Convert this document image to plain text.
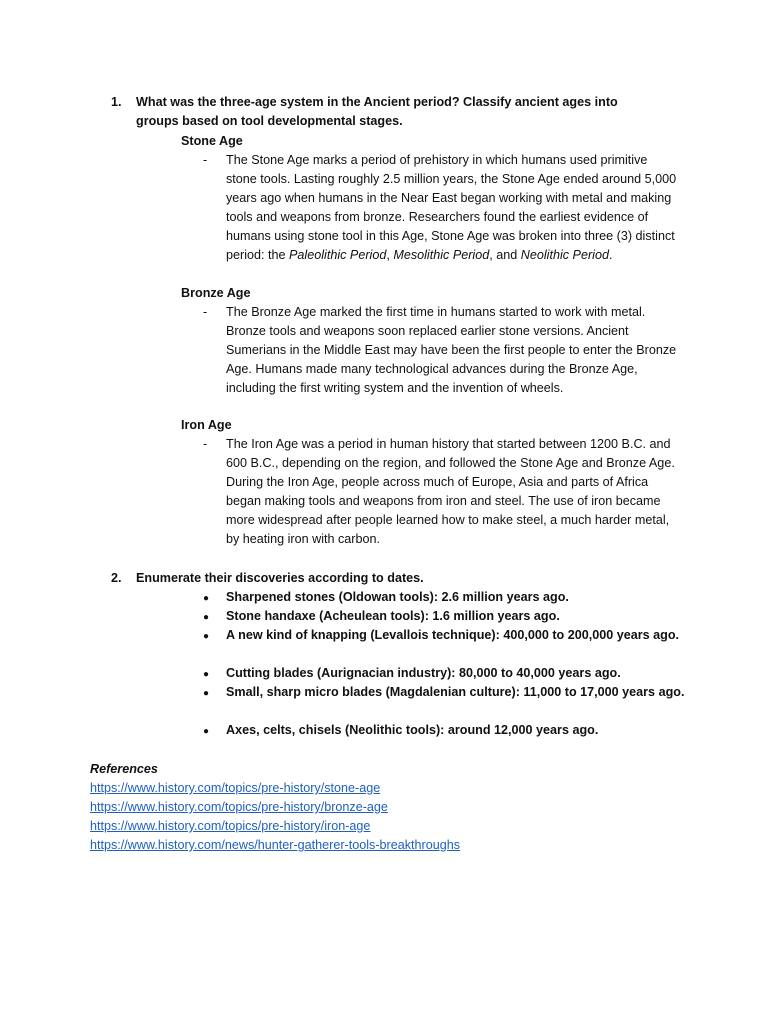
1. What was the three-age system in the Ancient period? Classify ancient ages into
groups based on tool developmental stages.
Stone Age
- The Stone Age marks a period of prehistory in which humans used primitive stone tools. Lasting roughly 2.5 million years, the Stone Age ended around 5,000 years ago when humans in the Near East began working with metal and making tools and weapons from bronze. Researchers found the earliest evidence of humans using stone tool in this Age, Stone Age was broken into three (3) distinct period: the Paleolithic Period, Mesolithic Period, and Neolithic Period.
Bronze Age
- The Bronze Age marked the first time in humans started to work with metal. Bronze tools and weapons soon replaced earlier stone versions. Ancient Sumerians in the Middle East may have been the first people to enter the Bronze Age. Humans made many technological advances during the Bronze Age, including the first writing system and the invention of wheels.
Iron Age
- The Iron Age was a period in human history that started between 1200 B.C. and 600 B.C., depending on the region, and followed the Stone Age and Bronze Age. During the Iron Age, people across much of Europe, Asia and parts of Africa began making tools and weapons from iron and steel. The use of iron became more widespread after people learned how to make steel, a much harder metal, by heating iron with carbon.
2. Enumerate their discoveries according to dates.
● Sharpened stones (Oldowan tools): 2.6 million years ago.
● Stone handaxe (Acheulean tools): 1.6 million years ago.
● A new kind of knapping (Levallois technique): 400,000 to 200,000 years ago.
● Cutting blades (Aurignacian industry): 80,000 to 40,000 years ago.
● Small, sharp micro blades (Magdalenian culture): 11,000 to 17,000 years ago.
● Axes, celts, chisels (Neolithic tools): around 12,000 years ago.
References
https://www.history.com/topics/pre-history/stone-age
https://www.history.com/topics/pre-history/bronze-age
https://www.history.com/topics/pre-history/iron-age
https://www.history.com/news/hunter-gatherer-tools-breakthroughs
